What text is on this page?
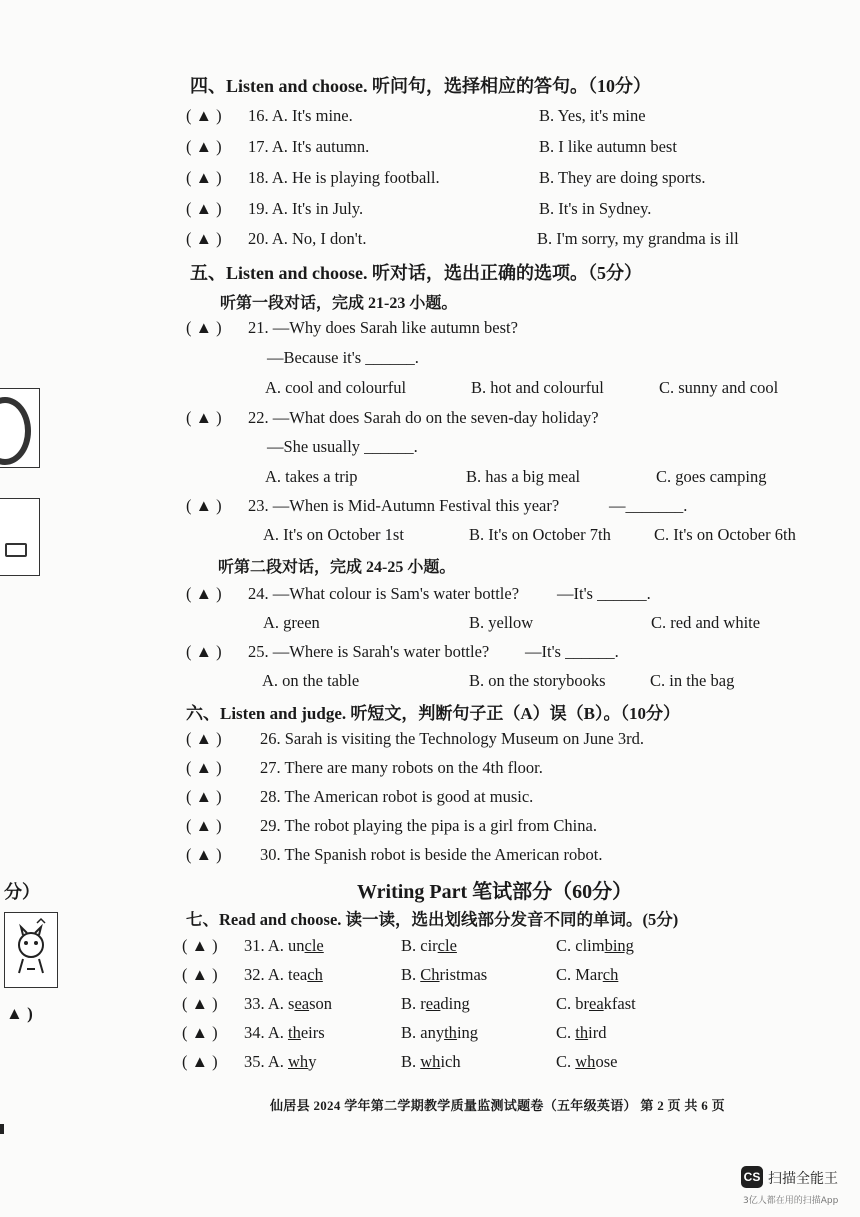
分）
▲ )
四、Listen and choose. 听问句，选择相应的答句。（10分）
( ▲ ) 16. A. It's mine.	B. Yes, it's mine
( ▲ ) 17. A. It's autumn.	B. I like autumn best
( ▲ ) 18. A. He is playing football.	B. They are doing sports.
( ▲ ) 19. A. It's in July.	B. It's in Sydney.
( ▲ ) 20. A. No, I don't.	B. I'm sorry, my grandma is ill
五、Listen and choose. 听对话，选出正确的选项。（5分）
听第一段对话，完成 21-23 小题。
( ▲ ) 21. —Why does Sarah like autumn best?
—Because it's ______.
A. cool and colourful	B. hot and colourful	C. sunny and cool
( ▲ ) 22. —What does Sarah do on the seven-day holiday?
—She usually ______.
A. takes a trip	B. has a big meal	C. goes camping
( ▲ ) 23. —When is Mid-Autumn Festival this year?	—_______.
A. It's on October 1st	B. It's on October 7th	C. It's on October 6th
听第二段对话，完成 24-25 小题。
( ▲ ) 24. —What colour is Sam's water bottle? —It's ______.
A. green	B. yellow	C. red and white
( ▲ ) 25. —Where is Sarah's water bottle? —It's ______.
A. on the table	B. on the storybooks	C. in the bag
六、Listen and judge. 听短文，判断句子正（A）误（B）。（10分）
( ▲ ) 26. Sarah is visiting the Technology Museum on June 3rd.
( ▲ ) 27. There are many robots on the 4th floor.
( ▲ ) 28. The American robot is good at music.
( ▲ ) 29. The robot playing the pipa is a girl from China.
( ▲ ) 30. The Spanish robot is beside the American robot.
Writing Part 笔试部分（60分）
七、Read and choose. 读一读，选出划线部分发音不同的单词。(5分)
( ▲ ) 31. A. uncle	B. circle	C. climbing
( ▲ ) 32. A. teach	B. Christmas	C. March
( ▲ ) 33. A. season	B. reading	C. breakfast
( ▲ ) 34. A. theirs	B. anything	C. third
( ▲ ) 35. A. why	B. which	C. whose
仙居县 2024 学年第二学期教学质量监测试题卷（五年级英语） 第 2 页 共 6 页
CS 扫描全能王
3亿人都在用的扫描App
